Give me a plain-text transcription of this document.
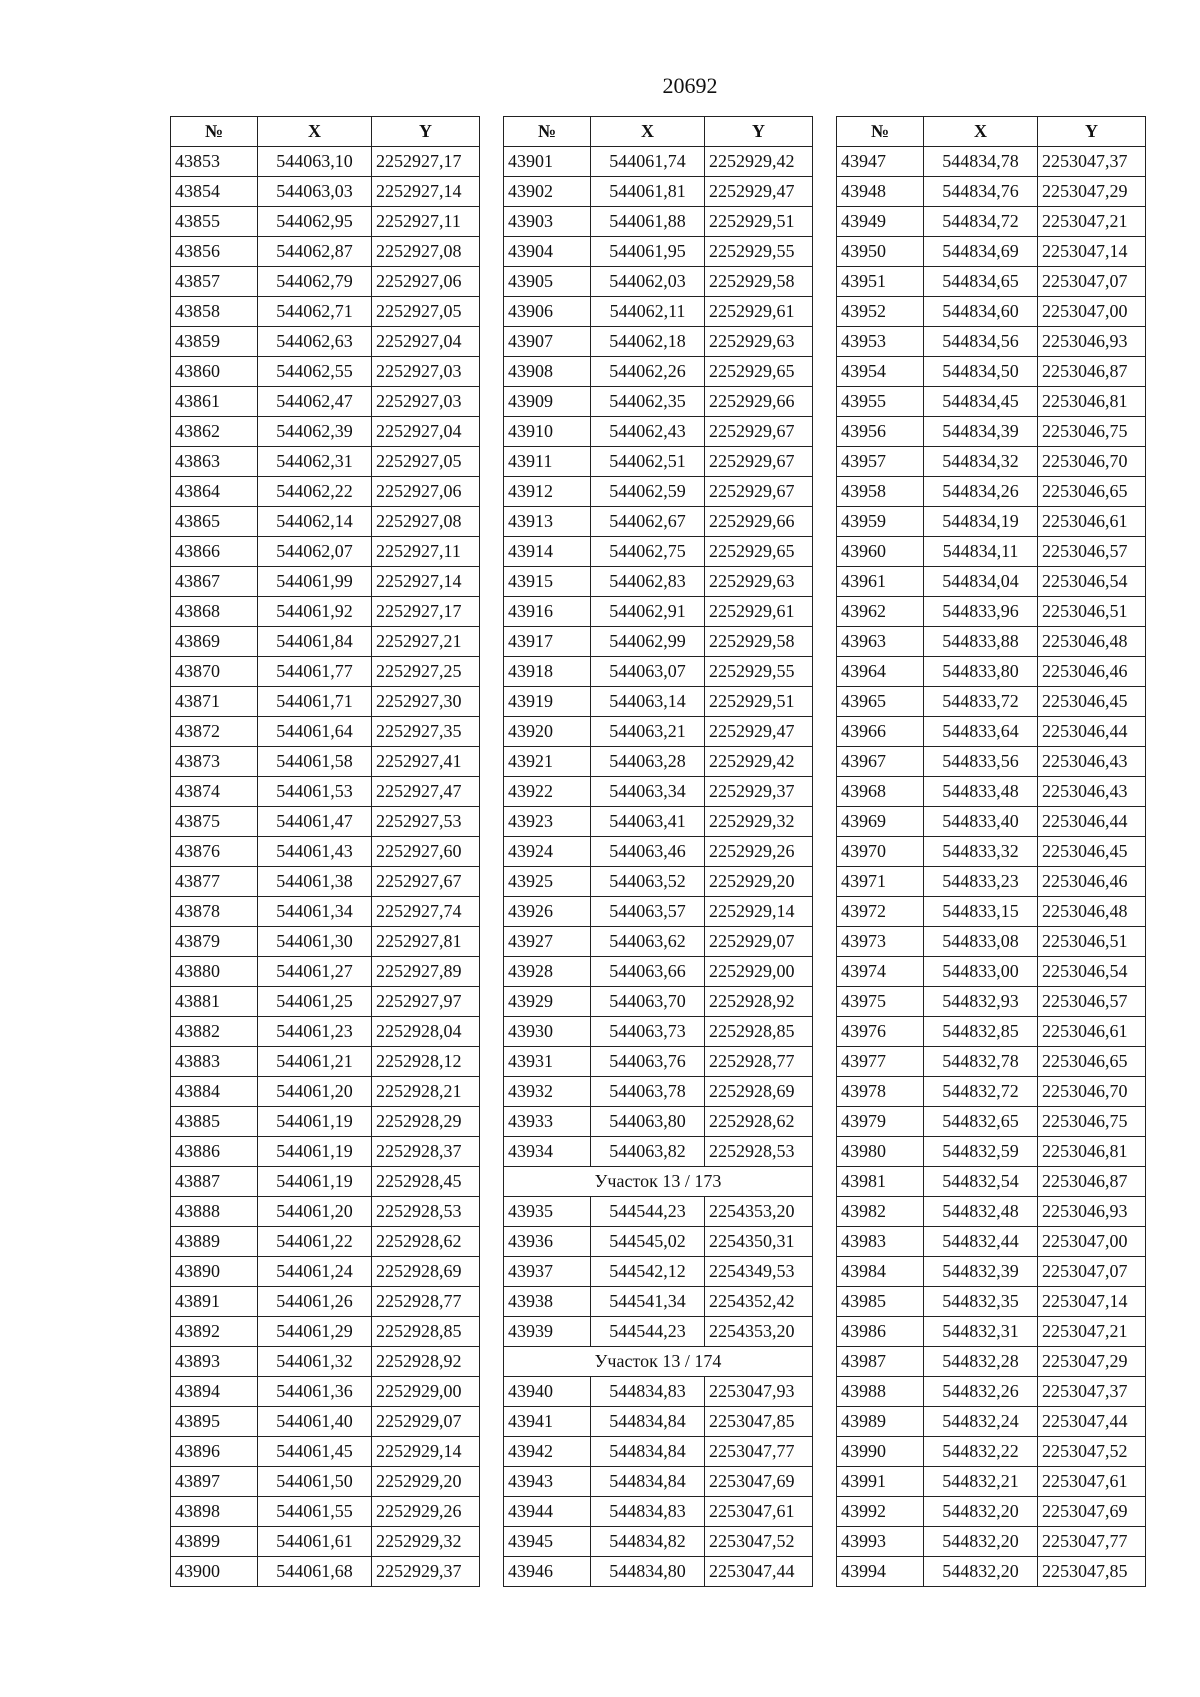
20692
№	X	Y
43853	544063,10	2252927,17
43854	544063,03	2252927,14
43855	544062,95	2252927,11
43856	544062,87	2252927,08
43857	544062,79	2252927,06
43858	544062,71	2252927,05
43859	544062,63	2252927,04
43860	544062,55	2252927,03
43861	544062,47	2252927,03
43862	544062,39	2252927,04
43863	544062,31	2252927,05
43864	544062,22	2252927,06
43865	544062,14	2252927,08
43866	544062,07	2252927,11
43867	544061,99	2252927,14
43868	544061,92	2252927,17
43869	544061,84	2252927,21
43870	544061,77	2252927,25
43871	544061,71	2252927,30
43872	544061,64	2252927,35
43873	544061,58	2252927,41
43874	544061,53	2252927,47
43875	544061,47	2252927,53
43876	544061,43	2252927,60
43877	544061,38	2252927,67
43878	544061,34	2252927,74
43879	544061,30	2252927,81
43880	544061,27	2252927,89
43881	544061,25	2252927,97
43882	544061,23	2252928,04
43883	544061,21	2252928,12
43884	544061,20	2252928,21
43885	544061,19	2252928,29
43886	544061,19	2252928,37
43887	544061,19	2252928,45
43888	544061,20	2252928,53
43889	544061,22	2252928,62
43890	544061,24	2252928,69
43891	544061,26	2252928,77
43892	544061,29	2252928,85
43893	544061,32	2252928,92
43894	544061,36	2252929,00
43895	544061,40	2252929,07
43896	544061,45	2252929,14
43897	544061,50	2252929,20
43898	544061,55	2252929,26
43899	544061,61	2252929,32
43900	544061,68	2252929,37
№	X	Y
43901	544061,74	2252929,42
43902	544061,81	2252929,47
43903	544061,88	2252929,51
43904	544061,95	2252929,55
43905	544062,03	2252929,58
43906	544062,11	2252929,61
43907	544062,18	2252929,63
43908	544062,26	2252929,65
43909	544062,35	2252929,66
43910	544062,43	2252929,67
43911	544062,51	2252929,67
43912	544062,59	2252929,67
43913	544062,67	2252929,66
43914	544062,75	2252929,65
43915	544062,83	2252929,63
43916	544062,91	2252929,61
43917	544062,99	2252929,58
43918	544063,07	2252929,55
43919	544063,14	2252929,51
43920	544063,21	2252929,47
43921	544063,28	2252929,42
43922	544063,34	2252929,37
43923	544063,41	2252929,32
43924	544063,46	2252929,26
43925	544063,52	2252929,20
43926	544063,57	2252929,14
43927	544063,62	2252929,07
43928	544063,66	2252929,00
43929	544063,70	2252928,92
43930	544063,73	2252928,85
43931	544063,76	2252928,77
43932	544063,78	2252928,69
43933	544063,80	2252928,62
43934	544063,82	2252928,53
Участок 13 / 173		
43935	544544,23	2254353,20
43936	544545,02	2254350,31
43937	544542,12	2254349,53
43938	544541,34	2254352,42
43939	544544,23	2254353,20
Участок 13 / 174		
43940	544834,83	2253047,93
43941	544834,84	2253047,85
43942	544834,84	2253047,77
43943	544834,84	2253047,69
43944	544834,83	2253047,61
43945	544834,82	2253047,52
43946	544834,80	2253047,44
№	X	Y
43947	544834,78	2253047,37
43948	544834,76	2253047,29
43949	544834,72	2253047,21
43950	544834,69	2253047,14
43951	544834,65	2253047,07
43952	544834,60	2253047,00
43953	544834,56	2253046,93
43954	544834,50	2253046,87
43955	544834,45	2253046,81
43956	544834,39	2253046,75
43957	544834,32	2253046,70
43958	544834,26	2253046,65
43959	544834,19	2253046,61
43960	544834,11	2253046,57
43961	544834,04	2253046,54
43962	544833,96	2253046,51
43963	544833,88	2253046,48
43964	544833,80	2253046,46
43965	544833,72	2253046,45
43966	544833,64	2253046,44
43967	544833,56	2253046,43
43968	544833,48	2253046,43
43969	544833,40	2253046,44
43970	544833,32	2253046,45
43971	544833,23	2253046,46
43972	544833,15	2253046,48
43973	544833,08	2253046,51
43974	544833,00	2253046,54
43975	544832,93	2253046,57
43976	544832,85	2253046,61
43977	544832,78	2253046,65
43978	544832,72	2253046,70
43979	544832,65	2253046,75
43980	544832,59	2253046,81
43981	544832,54	2253046,87
43982	544832,48	2253046,93
43983	544832,44	2253047,00
43984	544832,39	2253047,07
43985	544832,35	2253047,14
43986	544832,31	2253047,21
43987	544832,28	2253047,29
43988	544832,26	2253047,37
43989	544832,24	2253047,44
43990	544832,22	2253047,52
43991	544832,21	2253047,61
43992	544832,20	2253047,69
43993	544832,20	2253047,77
43994	544832,20	2253047,85
